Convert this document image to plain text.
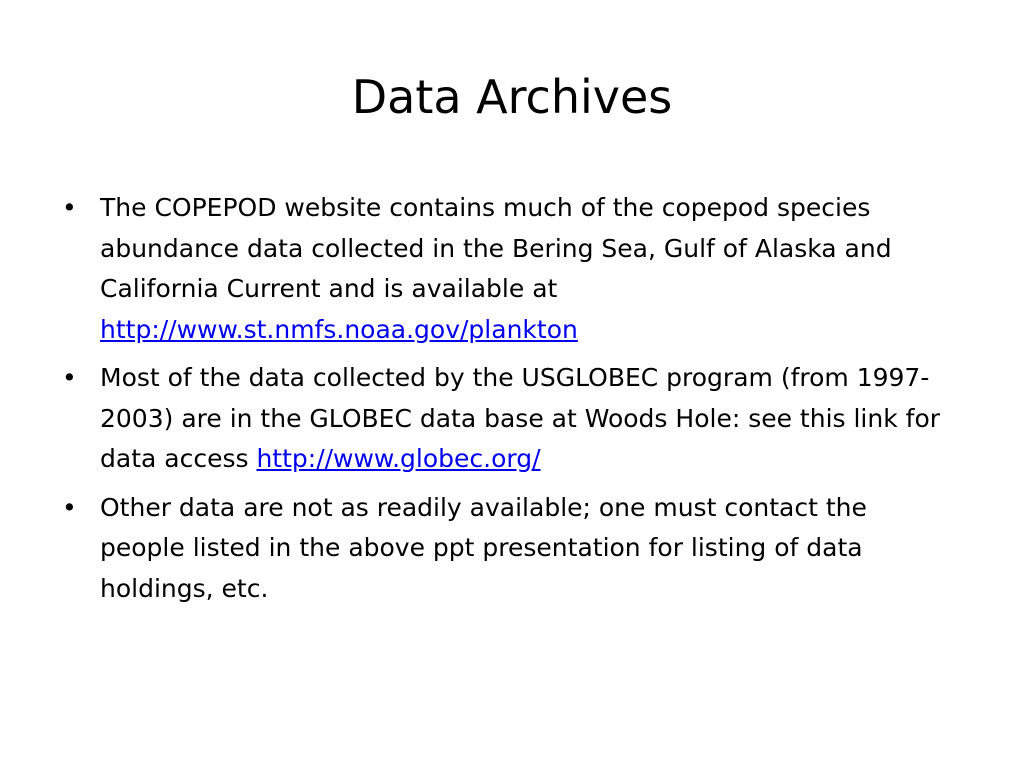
Data Archives
• The COPEPOD website contains much of the copepod species abundance data collected in the Bering Sea, Gulf of Alaska and California Current and is available at
http://www.st.nmfs.noaa.gov/plankton
• Most of the data collected by the USGLOBEC program (from 1997-2003) are in the GLOBEC data base at Woods Hole: see this link for data access http://www.globec.org/
• Other data are not as readily available; one must contact the people listed in the above ppt presentation for listing of data holdings, etc.
